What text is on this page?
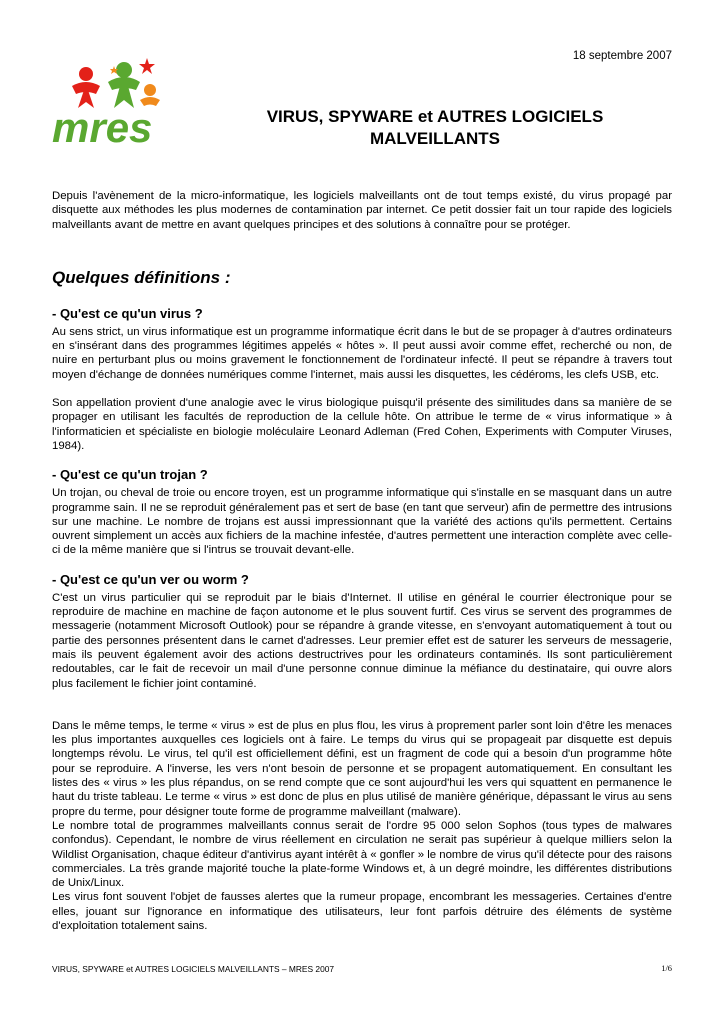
18 septembre 2007
mres	VIRUS, SPYWARE et AUTRES LOGICIELS
MALVEILLANTS

Depuis l'avènement de la micro-informatique, les logiciels malveillants ont de tout temps existé, du virus propagé par disquette aux méthodes les plus modernes de contamination par internet. Ce petit dossier fait un tour rapide des logiciels malveillants avant de mettre en avant quelques principes et des solutions à connaître pour se protéger.

Quelques définitions :
- Qu'est ce qu'un virus ?

Au sens strict, un virus informatique est un programme informatique écrit dans le but de se propager à d'autres ordinateurs en s'insérant dans des programmes légitimes appelés « hôtes ». Il peut aussi avoir comme effet, recherché ou non, de nuire en perturbant plus ou moins gravement le fonctionnement de l'ordinateur infecté. Il peut se répandre à travers tout moyen d'échange de données numériques comme l'internet, mais aussi les disquettes, les cédéroms, les clefs USB, etc.

Son appellation provient d'une analogie avec le virus biologique puisqu'il présente des similitudes dans sa manière de se propager en utilisant les facultés de reproduction de la cellule hôte. On attribue le terme de « virus informatique » à l'informaticien et spécialiste en biologie moléculaire Leonard Adleman (Fred Cohen, Experiments with Computer Viruses, 1984).

- Qu'est ce qu'un trojan ?

Un trojan, ou cheval de troie ou encore troyen, est un programme informatique qui s'installe en se masquant dans un autre programme sain. Il ne se reproduit généralement pas et sert de base (en tant que serveur) afin de permettre des intrusions sur une machine. Le nombre de trojans est aussi impressionnant que la variété des actions qu'ils permettent. Certains ouvrent simplement un accès aux fichiers de la machine infestée, d'autres permettent une interaction complète avec celle-ci de la même manière que si l'intrus se trouvait devant-elle.

- Qu'est ce qu'un ver ou worm ?

C'est un virus particulier qui se reproduit par le biais d'Internet. Il utilise en général le courrier électronique pour se reproduire de machine en machine de façon autonome et le plus souvent furtif. Ces virus se servent des programmes de messagerie (notamment Microsoft Outlook) pour se répandre à grande vitesse, en s'envoyant automatiquement à tout ou partie des personnes présentent dans le carnet d'adresses. Leur premier effet est de saturer les serveurs de messagerie, mais ils peuvent également avoir des actions destructrives pour les ordinateurs contaminés. Ils sont particulièrement redoutables, car le fait de recevoir un mail d'une personne connue diminue la méfiance du destinataire, qui ouvre alors plus facilement le fichier joint contaminé.

Dans le même temps, le terme « virus » est de plus en plus flou, les virus à proprement parler sont loin d'être les menaces les plus importantes auxquelles ces logiciels ont à faire. Le temps du virus qui se propageait par disquette est depuis longtemps révolu. Le virus, tel qu'il est officiellement défini, est un fragment de code qui a besoin d'un programme hôte pour se reproduire. A l'inverse, les vers n'ont besoin de personne et se propagent automatiquement. En consultant les listes des « virus » les plus répandus, on se rend compte que ce sont aujourd'hui les vers qui squattent en permanence le haut du triste tableau. Le terme « virus » est donc de plus en plus utilisé de manière générique, dépassant le virus au sens propre du terme, pour désigner toute forme de programme malveillant (malware).

Le nombre total de programmes malveillants connus serait de l'ordre 95 000 selon Sophos (tous types de malwares confondus). Cependant, le nombre de virus réellement en circulation ne serait pas supérieur à quelque milliers selon la Wildlist Organisation, chaque éditeur d'antivirus ayant intérêt à « gonfler » le nombre de virus qu'il détecte pour des raisons commerciales. La très grande majorité touche la plate-forme Windows et, à un degré moindre, les différentes distributions de Unix/Linux.

Les virus font souvent l'objet de fausses alertes que la rumeur propage, encombrant les messageries. Certaines d'entre elles, jouant sur l'ignorance en informatique des utilisateurs, leur font parfois détruire des éléments de système d'exploitation totalement sains.

VIRUS, SPYWARE et AUTRES LOGICIELS MALVEILLANTS – MRES 2007	1/6
